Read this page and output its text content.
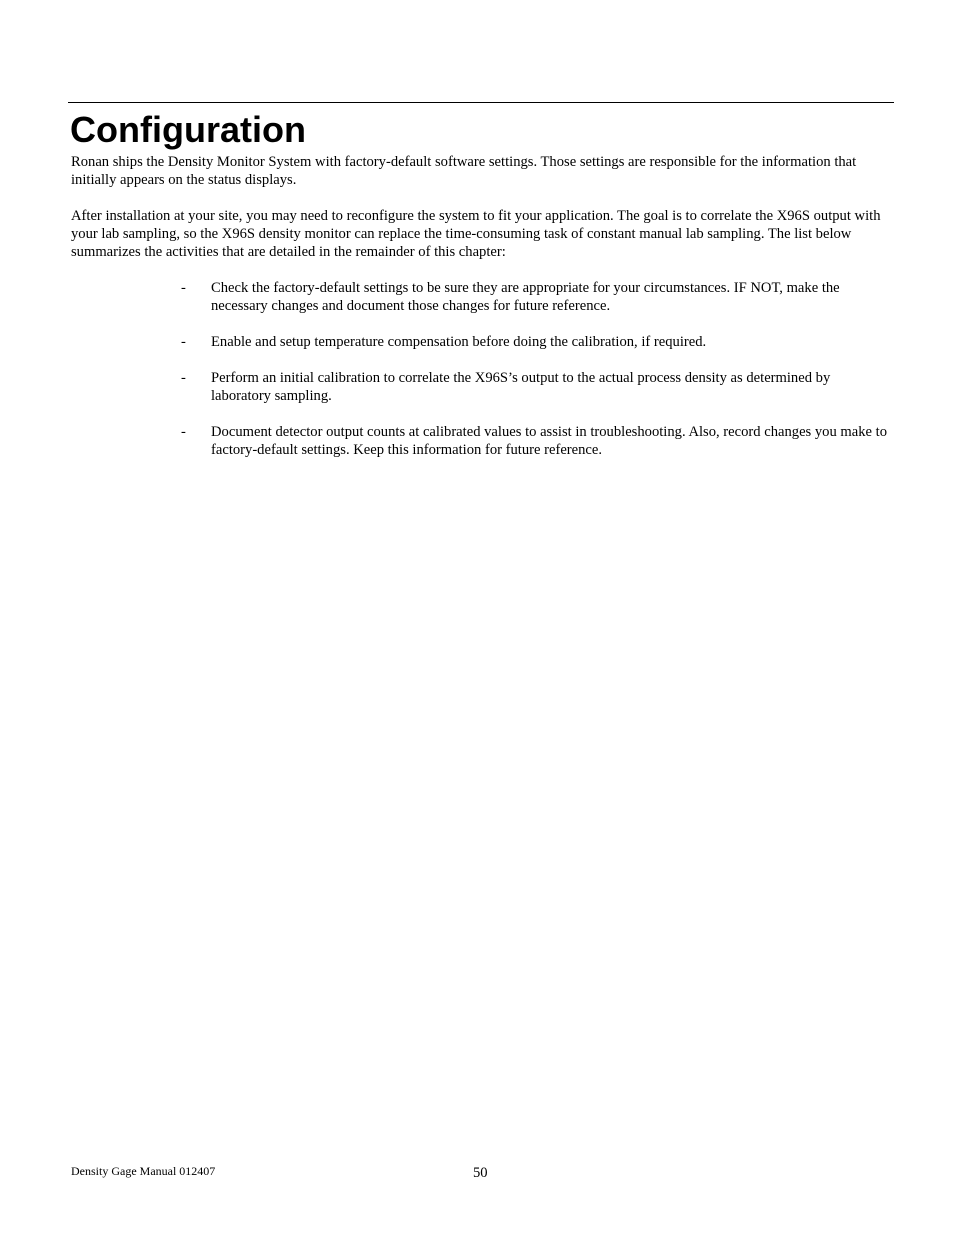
Configuration

Ronan ships the Density Monitor System with factory-default software settings. Those settings are responsible for the information that initially appears on the status displays.

After installation at your site, you may need to reconfigure the system to fit your application. The goal is to correlate the X96S output with your lab sampling, so the X96S density monitor can replace the time-consuming task of constant manual lab sampling. The list below summarizes the activities that are detailed in the remainder of this chapter:

- Check the factory-default settings to be sure they are appropriate for your circumstances. IF NOT, make the necessary changes and document those changes for future reference.
- Enable and setup temperature compensation before doing the calibration, if required.
- Perform an initial calibration to correlate the X96S’s output to the actual process density as determined by laboratory sampling.
- Document detector output counts at calibrated values to assist in troubleshooting. Also, record changes you make to factory-default settings. Keep this information for future reference.
Density Gage Manual 012407	50
